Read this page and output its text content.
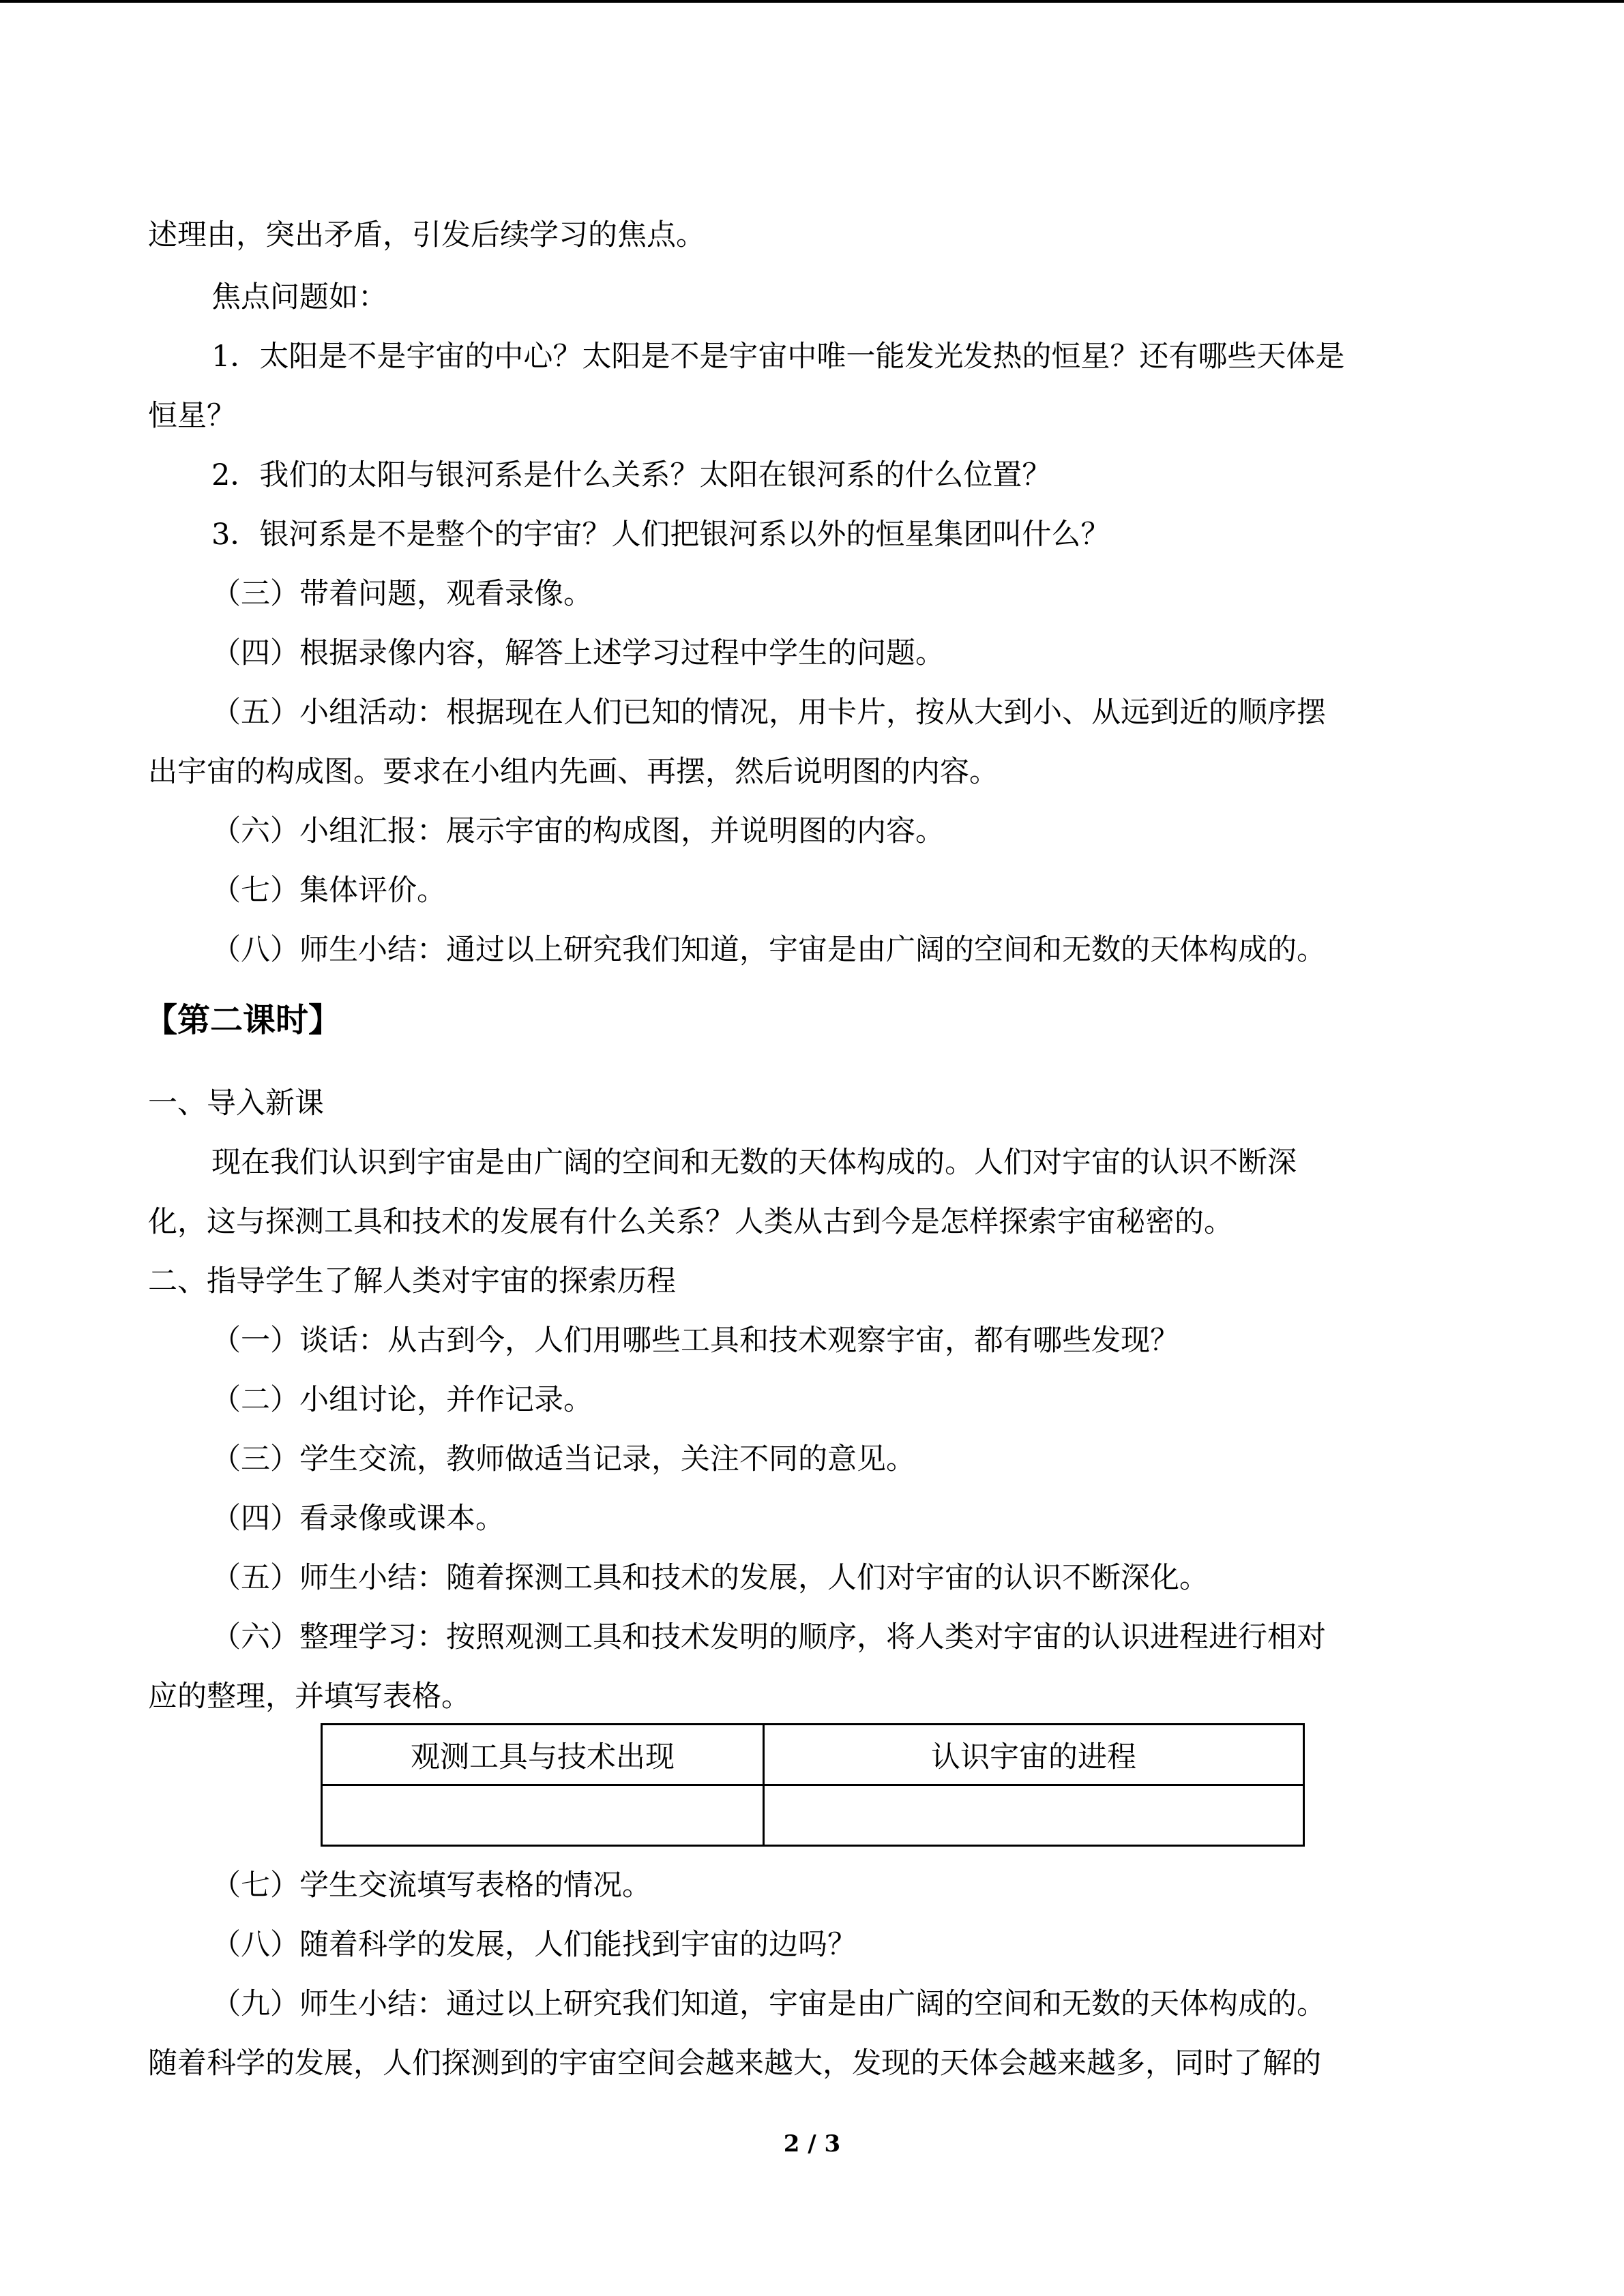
述理由，突出矛盾，引发后续学习的焦点。
焦点问题如：
1．太阳是不是宇宙的中心？太阳是不是宇宙中唯一能发光发热的恒星？还有哪些天体是
恒星？
2．我们的太阳与银河系是什么关系？太阳在银河系的什么位置？
3．银河系是不是整个的宇宙？人们把银河系以外的恒星集团叫什么？
（三）带着问题，观看录像。
（四）根据录像内容，解答上述学习过程中学生的问题。
（五）小组活动：根据现在人们已知的情况，用卡片，按从大到小、从远到近的顺序摆
出宇宙的构成图。要求在小组内先画、再摆，然后说明图的内容。
（六）小组汇报：展示宇宙的构成图，并说明图的内容。
（七）集体评价。
（八）师生小结：通过以上研究我们知道，宇宙是由广阔的空间和无数的天体构成的。
【第二课时】
一、导入新课
现在我们认识到宇宙是由广阔的空间和无数的天体构成的。人们对宇宙的认识不断深
化，这与探测工具和技术的发展有什么关系？人类从古到今是怎样探索宇宙秘密的。
二、指导学生了解人类对宇宙的探索历程
（一）谈话：从古到今，人们用哪些工具和技术观察宇宙，都有哪些发现？
（二）小组讨论，并作记录。
（三）学生交流，教师做适当记录，关注不同的意见。
（四）看录像或课本。
（五）师生小结：随着探测工具和技术的发展，人们对宇宙的认识不断深化。
（六）整理学习：按照观测工具和技术发明的顺序，将人类对宇宙的认识进程进行相对
应的整理，并填写表格。
观测工具与技术出现	认识宇宙的进程

（七）学生交流填写表格的情况。
（八）随着科学的发展，人们能找到宇宙的边吗？
（九）师生小结：通过以上研究我们知道，宇宙是由广阔的空间和无数的天体构成的。
随着科学的发展，人们探测到的宇宙空间会越来越大，发现的天体会越来越多，同时了解的
2 / 3
